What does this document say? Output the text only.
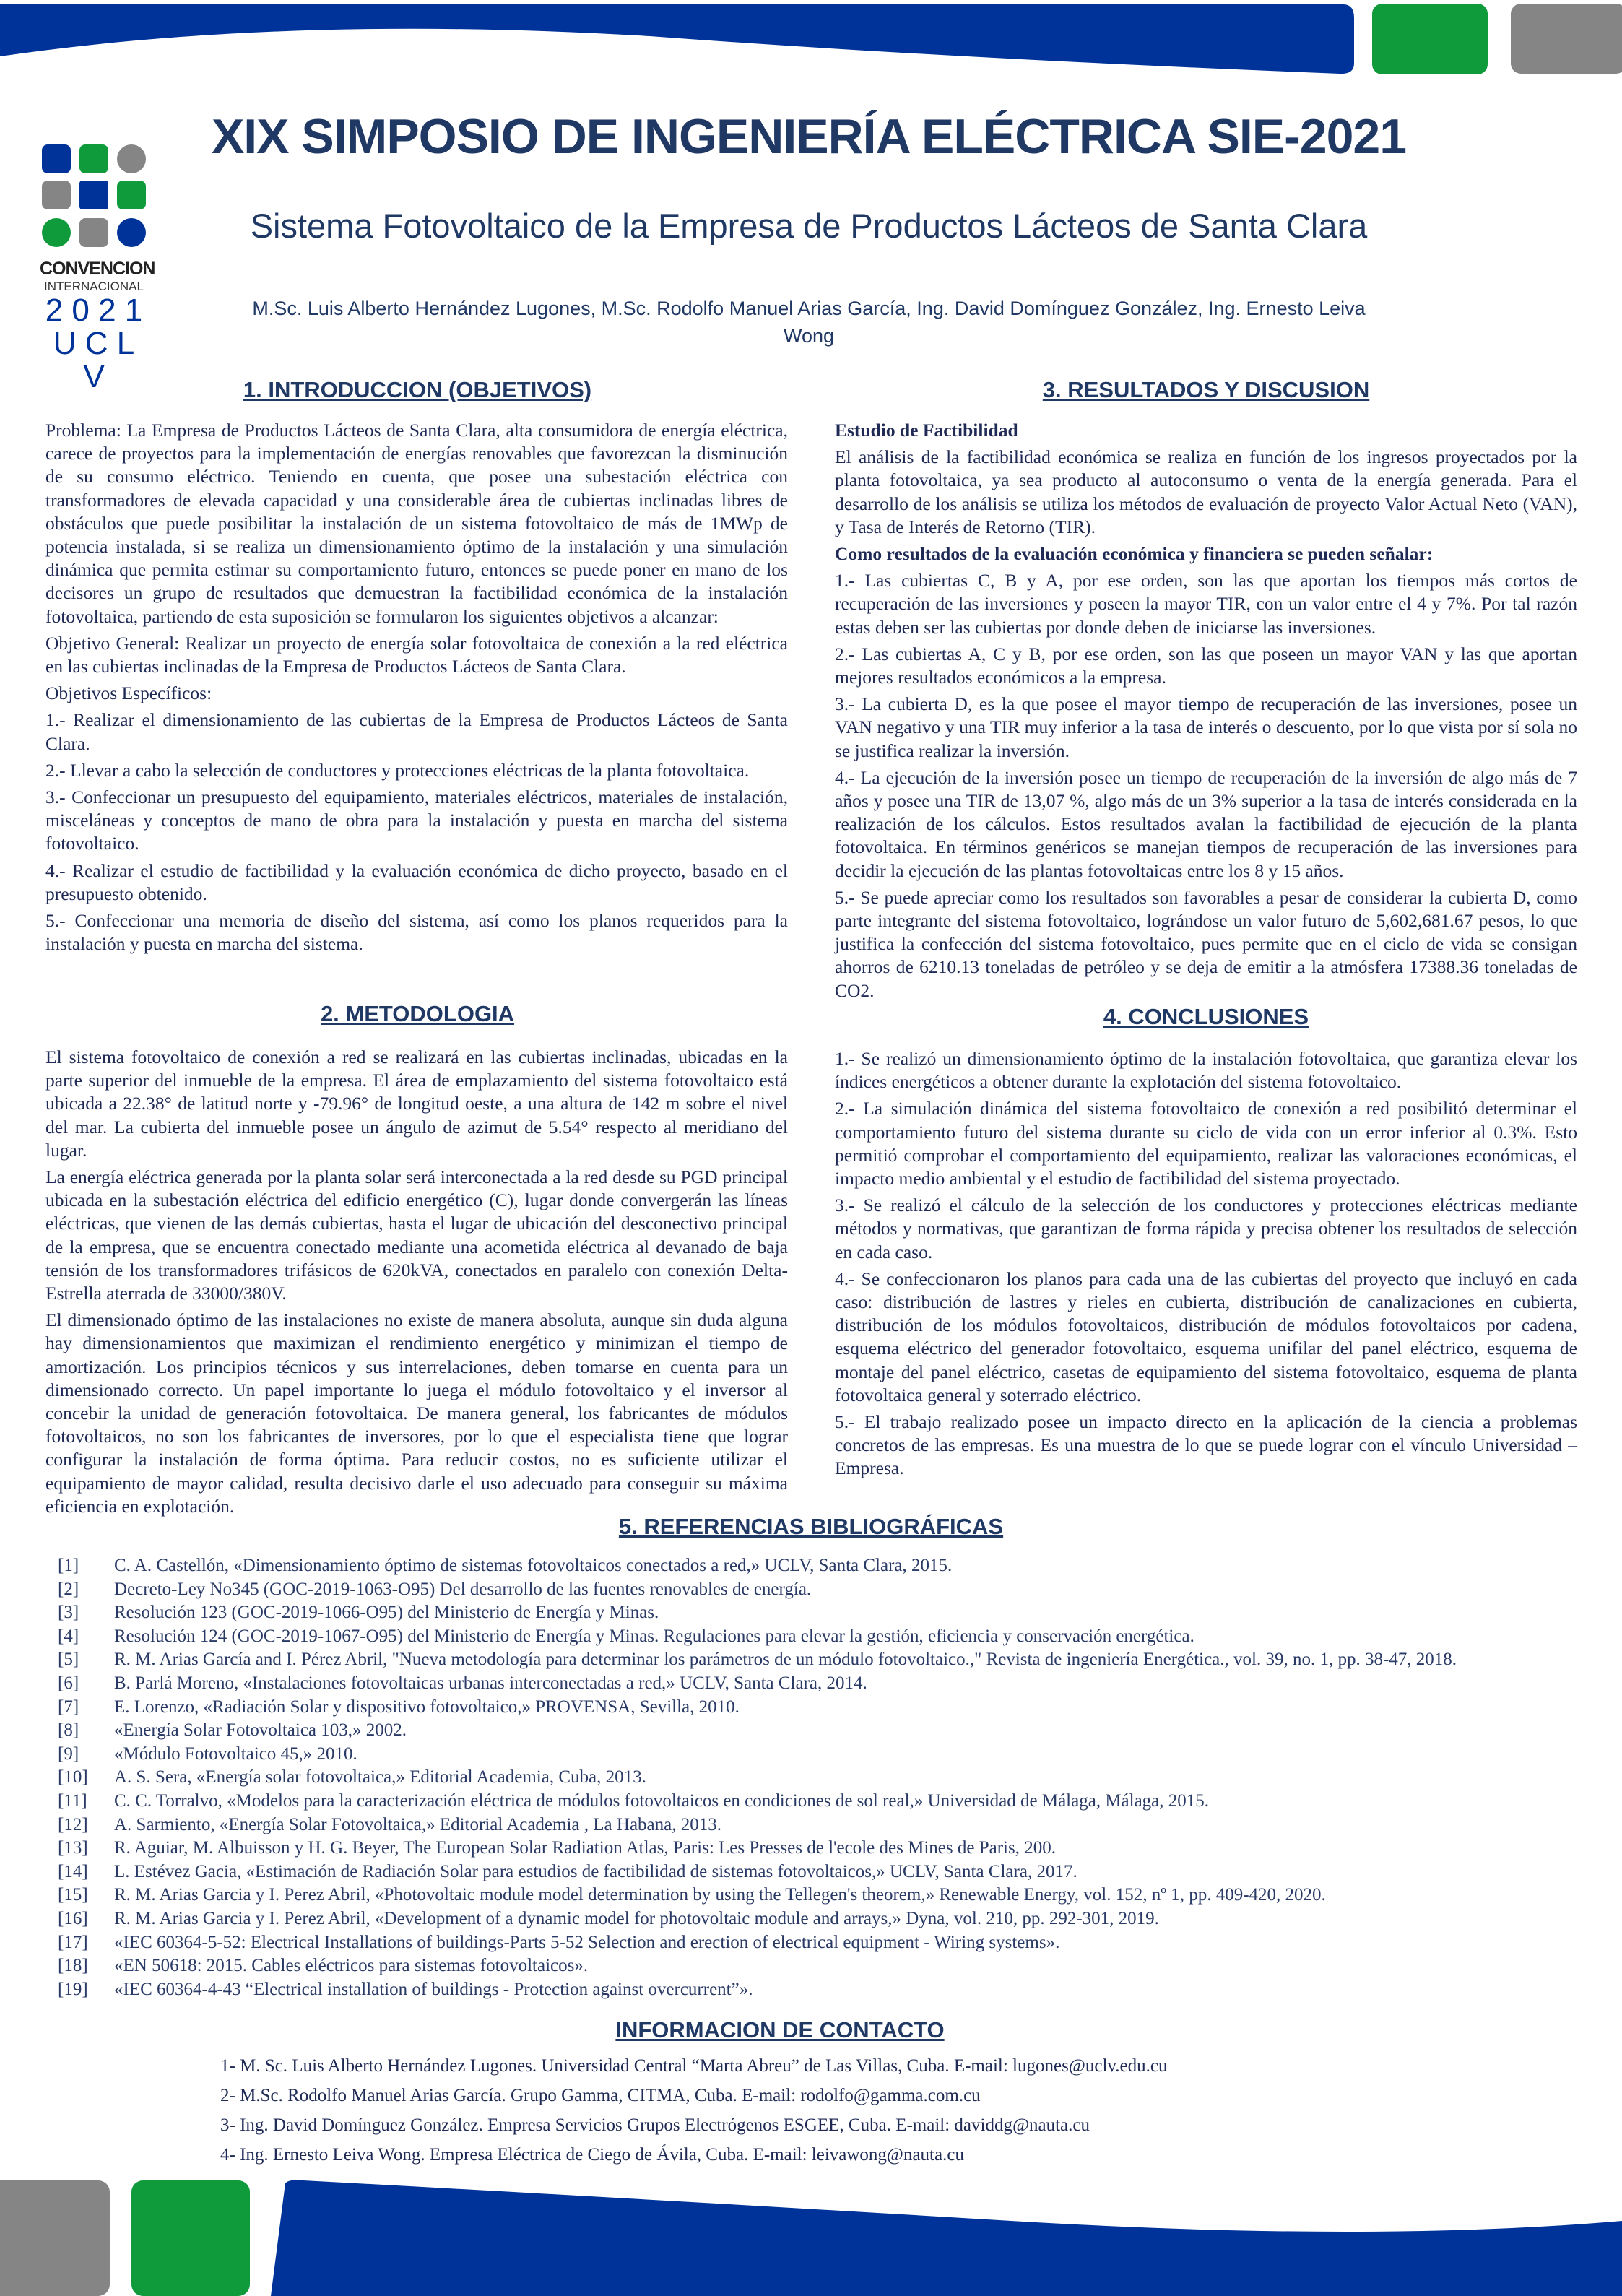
CONVENCION
INTERNACIONAL
2 0 2 1
U C L V
XIX SIMPOSIO DE INGENIERÍA ELÉCTRICA SIE-2021
Sistema Fotovoltaico de la Empresa de Productos Lácteos de Santa Clara
M.Sc. Luis Alberto Hernández Lugones, M.Sc. Rodolfo Manuel Arias García, Ing. David Domínguez González, Ing. Ernesto Leiva Wong
1. INTRODUCCION (OBJETIVOS)

Problema: La Empresa de Productos Lácteos de Santa Clara, alta consumidora de energía eléctrica, carece de proyectos para la implementación de energías renovables que favorezcan la disminución de su consumo eléctrico. Teniendo en cuenta, que posee una subestación eléctrica con transformadores de elevada capacidad y una considerable área de cubiertas inclinadas libres de obstáculos que puede posibilitar la instalación de un sistema fotovoltaico de más de 1MWp de potencia instalada, si se realiza un dimensionamiento óptimo de la instalación y una simulación dinámica que permita estimar su comportamiento futuro, entonces se puede poner en mano de los decisores un grupo de resultados que demuestran la factibilidad económica de la instalación fotovoltaica, partiendo de esta suposición se formularon los siguientes objetivos a alcanzar:

Objetivo General: Realizar un proyecto de energía solar fotovoltaica de conexión a la red eléctrica en las cubiertas inclinadas de la Empresa de Productos Lácteos de Santa Clara.

Objetivos Específicos:

1.- Realizar el dimensionamiento de las cubiertas de la Empresa de Productos Lácteos de Santa Clara.

2.- Llevar a cabo la selección de conductores y protecciones eléctricas de la planta fotovoltaica.

3.- Confeccionar un presupuesto del equipamiento, materiales eléctricos, materiales de instalación, misceláneas y conceptos de mano de obra para la instalación y puesta en marcha del sistema fotovoltaico.

4.- Realizar el estudio de factibilidad y la evaluación económica de dicho proyecto, basado en el presupuesto obtenido.

5.- Confeccionar una memoria de diseño del sistema, así como los planos requeridos para la instalación y puesta en marcha del sistema.

2. METODOLOGIA

El sistema fotovoltaico de conexión a red se realizará en las cubiertas inclinadas, ubicadas en la parte superior del inmueble de la empresa. El área de emplazamiento del sistema fotovoltaico está ubicada a 22.38° de latitud norte y -79.96° de longitud oeste, a una altura de 142 m sobre el nivel del mar. La cubierta del inmueble posee un ángulo de azimut de 5.54° respecto al meridiano del lugar.

La energía eléctrica generada por la planta solar será interconectada a la red desde su PGD principal ubicada en la subestación eléctrica del edificio energético (C), lugar donde convergerán las líneas eléctricas, que vienen de las demás cubiertas, hasta el lugar de ubicación del desconectivo principal de la empresa, que se encuentra conectado mediante una acometida eléctrica al devanado de baja tensión de los transformadores trifásicos de 620kVA, conectados en paralelo con conexión Delta- Estrella aterrada de 33000/380V.

El dimensionado óptimo de las instalaciones no existe de manera absoluta, aunque sin duda alguna hay dimensionamientos que maximizan el rendimiento energético y minimizan el tiempo de amortización. Los principios técnicos y sus interrelaciones, deben tomarse en cuenta para un dimensionado correcto. Un papel importante lo juega el módulo fotovoltaico y el inversor al concebir la unidad de generación fotovoltaica. De manera general, los fabricantes de módulos fotovoltaicos, no son los fabricantes de inversores, por lo que el especialista tiene que lograr configurar la instalación de forma óptima. Para reducir costos, no es suficiente utilizar el equipamiento de mayor calidad, resulta decisivo darle el uso adecuado para conseguir su máxima eficiencia en explotación.

3. RESULTADOS Y DISCUSION

Estudio de Factibilidad

El análisis de la factibilidad económica se realiza en función de los ingresos proyectados por la planta fotovoltaica, ya sea producto al autoconsumo o venta de la energía generada. Para el desarrollo de los análisis se utiliza los métodos de evaluación de proyecto Valor Actual Neto (VAN), y Tasa de Interés de Retorno (TIR).

Como resultados de la evaluación económica y financiera se pueden señalar:

1.- Las cubiertas C, B y A, por ese orden, son las que aportan los tiempos más cortos de recuperación de las inversiones y poseen la mayor TIR, con un valor entre el 4 y 7%. Por tal razón estas deben ser las cubiertas por donde deben de iniciarse las inversiones.

2.- Las cubiertas A, C y B, por ese orden, son las que poseen un mayor VAN y las que aportan mejores resultados económicos a la empresa.

3.- La cubierta D, es la que posee el mayor tiempo de recuperación de las inversiones, posee un VAN negativo y una TIR muy inferior a la tasa de interés o descuento, por lo que vista por sí sola no se justifica realizar la inversión.

4.- La ejecución de la inversión posee un tiempo de recuperación de la inversión de algo más de 7 años y posee una TIR de 13,07 %, algo más de un 3% superior a la tasa de interés considerada en la realización de los cálculos. Estos resultados avalan la factibilidad de ejecución de la planta fotovoltaica. En términos genéricos se manejan tiempos de recuperación de las inversiones para decidir la ejecución de las plantas fotovoltaicas entre los 8 y 15 años.

5.- Se puede apreciar como los resultados son favorables a pesar de considerar la cubierta D, como parte integrante del sistema fotovoltaico, lográndose un valor futuro de 5,602,681.67 pesos, lo que justifica la confección del sistema fotovoltaico, pues permite que en el ciclo de vida se consigan ahorros de 6210.13 toneladas de petróleo y se deja de emitir a la atmósfera 17388.36 toneladas de CO2.

4. CONCLUSIONES

1.- Se realizó un dimensionamiento óptimo de la instalación fotovoltaica, que garantiza elevar los índices energéticos a obtener durante la explotación del sistema fotovoltaico.

2.- La simulación dinámica del sistema fotovoltaico de conexión a red posibilitó determinar el comportamiento futuro del sistema durante su ciclo de vida con un error inferior al 0.3%. Esto permitió comprobar el comportamiento del equipamiento, realizar las valoraciones económicas, el impacto medio ambiental y el estudio de factibilidad del sistema proyectado.

3.- Se realizó el cálculo de la selección de los conductores y protecciones eléctricas mediante métodos y normativas, que garantizan de forma rápida y precisa obtener los resultados de selección en cada caso.

4.- Se confeccionaron los planos para cada una de las cubiertas del proyecto que incluyó en cada caso: distribución de lastres y rieles en cubierta, distribución de canalizaciones en cubierta, distribución de los módulos fotovoltaicos, distribución de módulos fotovoltaicos por cadena, esquema eléctrico del generador fotovoltaico, esquema unifilar del panel eléctrico, esquema de montaje del panel eléctrico, casetas de equipamiento del sistema fotovoltaico, esquema de planta fotovoltaica general y soterrado eléctrico.

5.- El trabajo realizado posee un impacto directo en la aplicación de la ciencia a problemas concretos de las empresas. Es una muestra de lo que se puede lograr con el vínculo Universidad – Empresa.

5. REFERENCIAS BIBLIOGRÁFICAS
[1]	C. A. Castellón, «Dimensionamiento óptimo de sistemas fotovoltaicos conectados a red,» UCLV, Santa Clara, 2015.
[2]	Decreto-Ley No345 (GOC-2019-1063-O95) Del desarrollo de las fuentes renovables de energía.
[3]	Resolución 123 (GOC-2019-1066-O95) del Ministerio de Energía y Minas.
[4]	Resolución 124 (GOC-2019-1067-O95) del Ministerio de Energía y Minas. Regulaciones para elevar la gestión, eficiencia y conservación energética.
[5]	R. M. Arias García and I. Pérez Abril, "Nueva metodología para determinar los parámetros de un módulo fotovoltaico.," Revista de ingeniería Energética., vol. 39, no. 1, pp. 38-47, 2018.
[6]	B. Parlá Moreno, «Instalaciones fotovoltaicas urbanas interconectadas a red,» UCLV, Santa Clara, 2014.
[7]	E. Lorenzo, «Radiación Solar y dispositivo fotovoltaico,» PROVENSA, Sevilla, 2010.
[8]	«Energía Solar Fotovoltaica 103,» 2002.
[9]	«Módulo Fotovoltaico 45,» 2010.
[10]	A. S. Sera, «Energía solar fotovoltaica,» Editorial Academia, Cuba, 2013.
[11]	C. C. Torralvo, «Modelos para la caracterización eléctrica de módulos fotovoltaicos en condiciones de sol real,» Universidad de Málaga, Málaga, 2015.
[12]	A. Sarmiento, «Energía Solar Fotovoltaica,» Editorial Academia , La Habana, 2013.
[13]	R. Aguiar, M. Albuisson y H. G. Beyer, The European Solar Radiation Atlas, Paris: Les Presses de l'ecole des Mines de Paris, 200.
[14]	L. Estévez Gacia, «Estimación de Radiación Solar para estudios de factibilidad de sistemas fotovoltaicos,» UCLV, Santa Clara, 2017.
[15]	R. M. Arias Garcia y I. Perez Abril, «Photovoltaic module model determination by using the Tellegen's theorem,» Renewable Energy, vol. 152, nº 1, pp. 409-420, 2020.
[16]	R. M. Arias Garcia y I. Perez Abril, «Development of a dynamic model for photovoltaic module and arrays,» Dyna, vol. 210, pp. 292-301, 2019.
[17]	«IEC 60364-5-52: Electrical Installations of buildings-Parts 5-52 Selection and erection of electrical equipment - Wiring systems».
[18]	«EN 50618: 2015. Cables eléctricos para sistemas fotovoltaicos».
[19]	«IEC 60364-4-43 “Electrical installation of buildings - Protection against overcurrent”».
INFORMACION DE CONTACTO
1- M. Sc. Luis Alberto Hernández Lugones. Universidad Central “Marta Abreu” de Las Villas, Cuba. E-mail: lugones@uclv.edu.cu
2- M.Sc. Rodolfo Manuel Arias García. Grupo Gamma, CITMA, Cuba. E-mail: rodolfo@gamma.com.cu
3- Ing. David Domínguez González. Empresa Servicios Grupos Electrógenos ESGEE, Cuba. E-mail: daviddg@nauta.cu
4- Ing. Ernesto Leiva Wong. Empresa Eléctrica de Ciego de Ávila, Cuba. E-mail: leivawong@nauta.cu
